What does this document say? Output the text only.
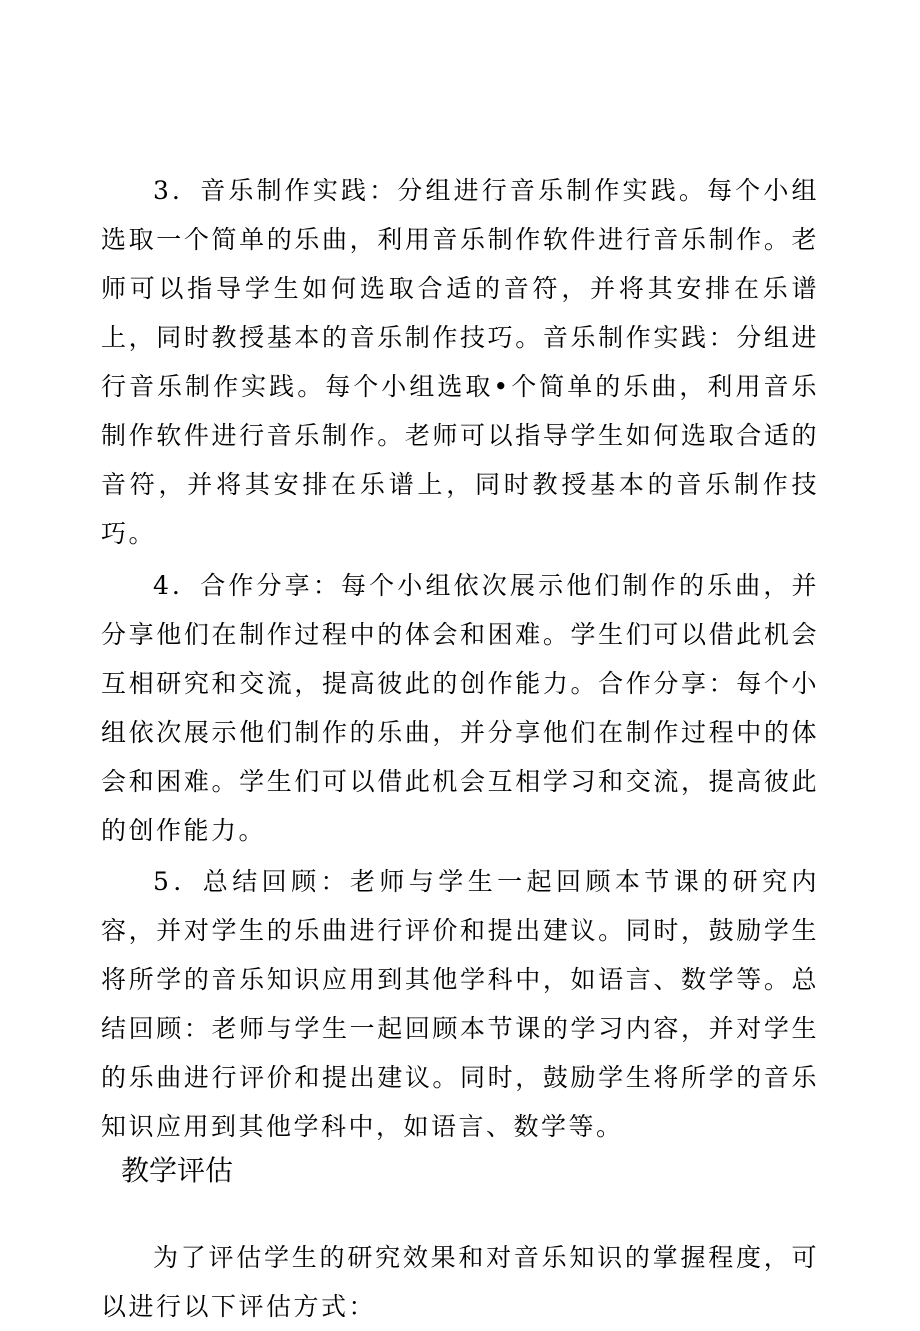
3．音乐制作实践：分组进行音乐制作实践。每个小组选取一个简单的乐曲，利用音乐制作软件进行音乐制作。老师可以指导学生如何选取合适的音符，并将其安排在乐谱上，同时教授基本的音乐制作技巧。音乐制作实践：分组进行音乐制作实践。每个小组选取•个简单的乐曲，利用音乐制作软件进行音乐制作。老师可以指导学生如何选取合适的音符，并将其安排在乐谱上，同时教授基本的音乐制作技巧。

4．合作分享：每个小组依次展示他们制作的乐曲，并分享他们在制作过程中的体会和困难。学生们可以借此机会互相研究和交流，提高彼此的创作能力。合作分享：每个小组依次展示他们制作的乐曲，并分享他们在制作过程中的体会和困难。学生们可以借此机会互相学习和交流，提高彼此的创作能力。

5．总结回顾：老师与学生一起回顾本节课的研究内容，并对学生的乐曲进行评价和提出建议。同时，鼓励学生将所学的音乐知识应用到其他学科中，如语言、数学等。总结回顾：老师与学生一起回顾本节课的学习内容，并对学生的乐曲进行评价和提出建议。同时，鼓励学生将所学的音乐知识应用到其他学科中，如语言、数学等。

教学评估

为了评估学生的研究效果和对音乐知识的掌握程度，可以进行以下评估方式：
